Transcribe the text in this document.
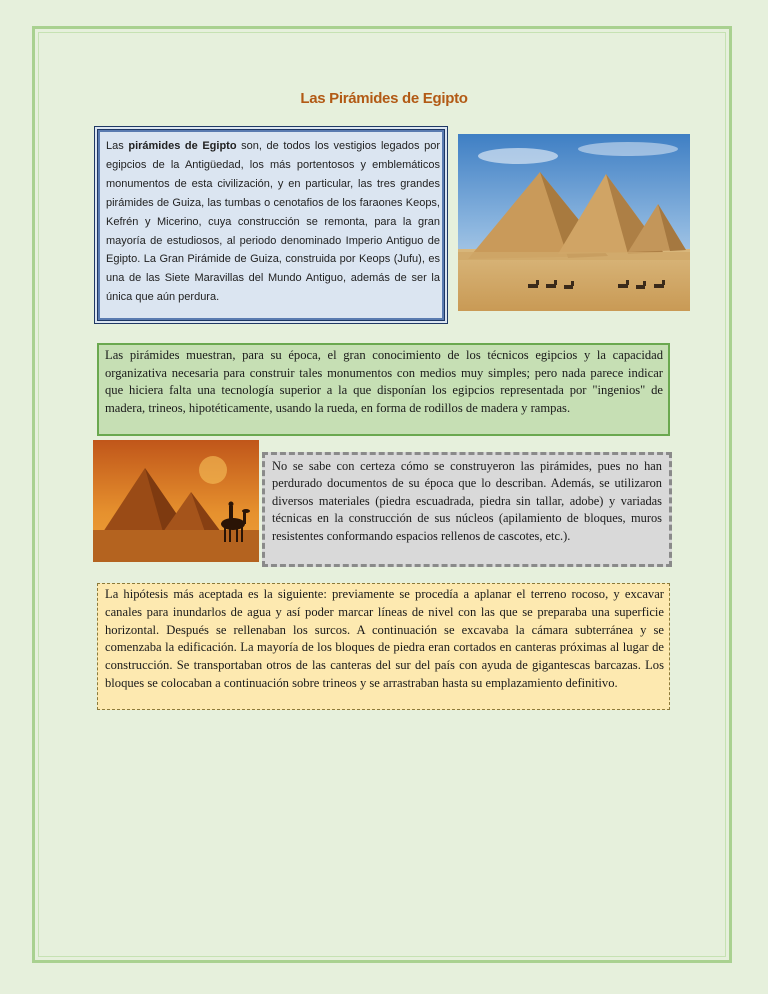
Las Pirámides de Egipto
Las pirámides de Egipto son, de todos los vestigios legados por egipcios de la Antigüedad, los más portentosos y emblemáticos monumentos de esta civilización, y en particular, las tres grandes pirámides de Guiza, las tumbas o cenotafios de los faraones Keops, Kefrén y Micerino, cuya construcción se remonta, para la gran mayoría de estudiosos, al periodo denominado Imperio Antiguo de Egipto. La Gran Pirámide de Guiza, construida por Keops (Jufu), es una de las Siete Maravillas del Mundo Antiguo, además de ser la única que aún perdura.
Las pirámides muestran, para su época, el gran conocimiento de los técnicos egipcios y la capacidad organizativa necesaria para construir tales monumentos con medios muy simples; pero nada parece indicar que hiciera falta una tecnología superior a la que disponían los egipcios representada por "ingenios" de madera, trineos, hipotéticamente, usando la rueda, en forma de rodillos de madera y rampas.
No se sabe con certeza cómo se construyeron las pirámides, pues no han perdurado documentos de su época que lo describan. Además, se utilizaron diversos materiales (piedra escuadrada, piedra sin tallar, adobe) y variadas técnicas en la construcción de sus núcleos (apilamiento de bloques, muros resistentes conformando espacios rellenos de cascotes, etc.).
La hipótesis más aceptada es la siguiente: previamente se procedía a aplanar el terreno rocoso, y excavar canales para inundarlos de agua y así poder marcar líneas de nivel con las que se preparaba una superficie horizontal. Después se rellenaban los surcos. A continuación se excavaba la cámara subterránea y se comenzaba la edificación. La mayoría de los bloques de piedra eran cortados en canteras próximas al lugar de construcción. Se transportaban otros de las canteras del sur del país con ayuda de gigantescas barcazas. Los bloques se colocaban a continuación sobre trineos y se arrastraban hasta su emplazamiento definitivo.
